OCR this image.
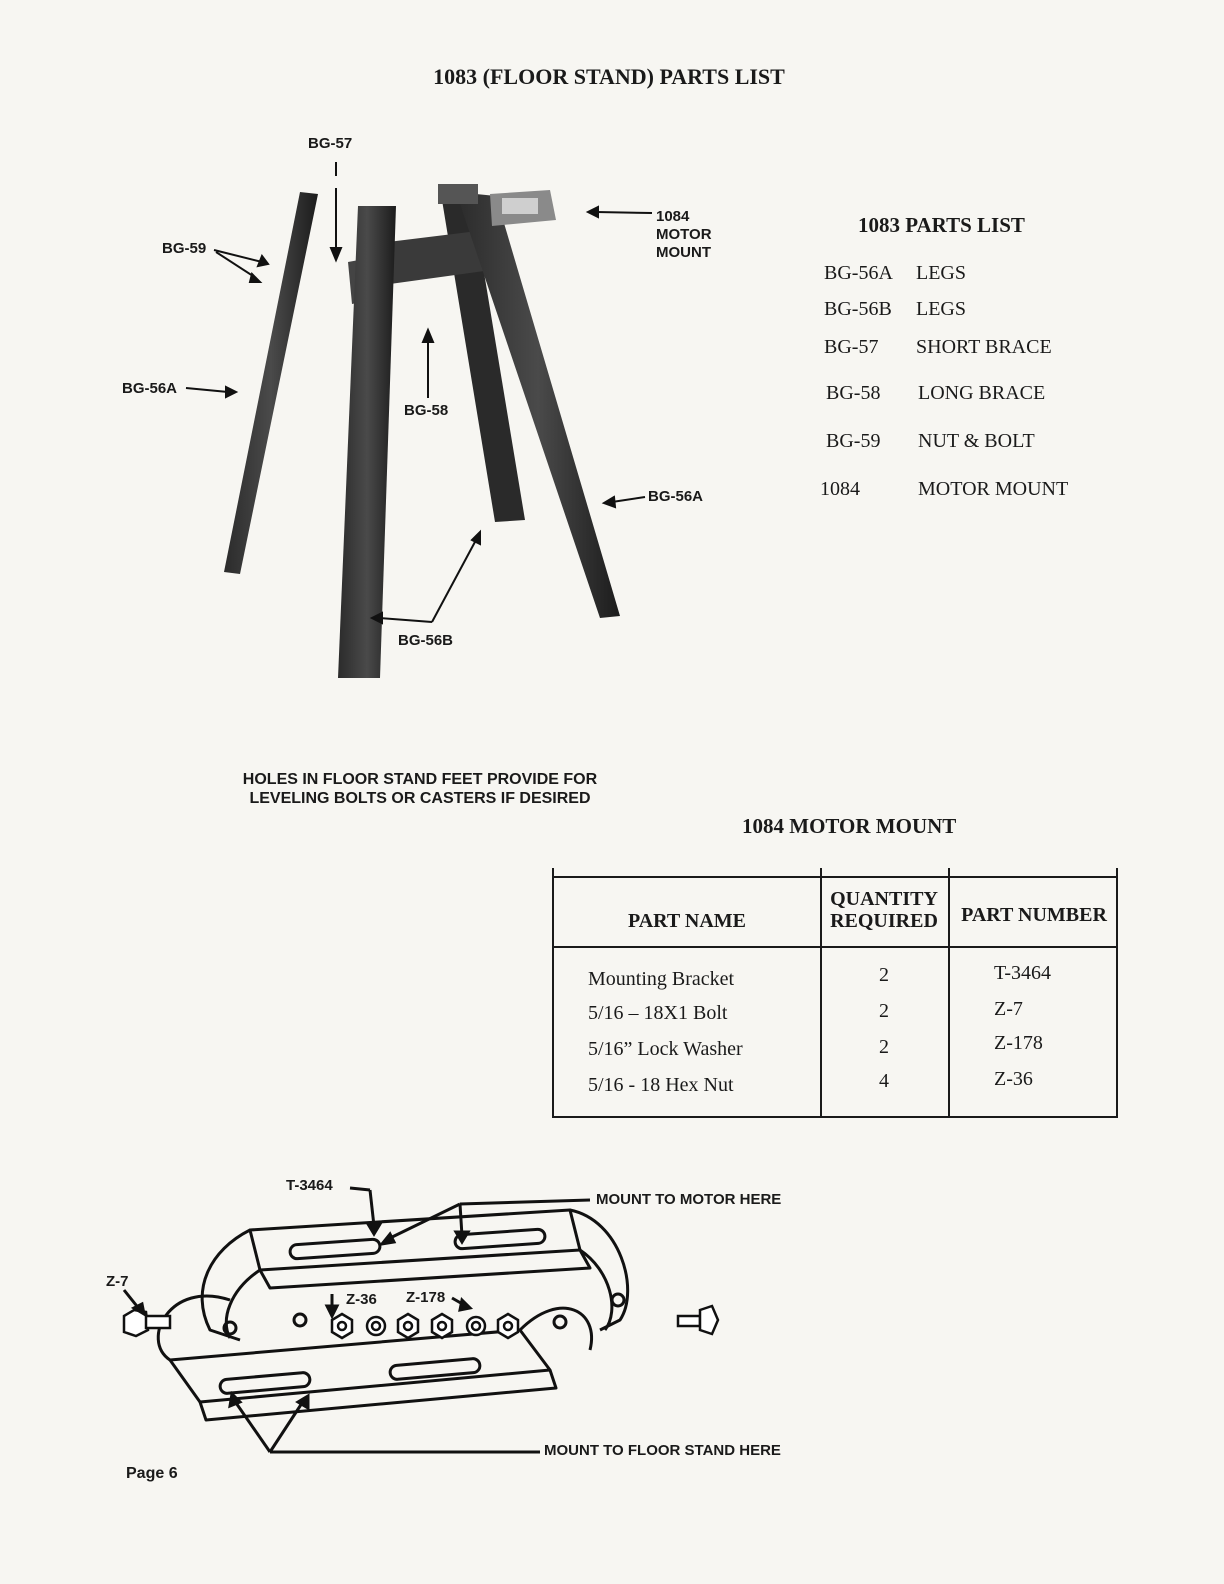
1083 (FLOOR STAND) PARTS LIST
BG-57
BG-59
BG-56A
BG-58
BG-56A
BG-56B
1084
MOTOR
MOUNT
1083 PARTS LIST
BG-56A LEGS
BG-56B LEGS
BG-57 SHORT BRACE
BG-58 LONG BRACE
BG-59 NUT & BOLT
1084	MOTOR MOUNT
HOLES IN FLOOR STAND FEET PROVIDE FOR
LEVELING BOLTS OR CASTERS IF DESIRED
1084 MOTOR MOUNT
PART NAME
QUANTITY
REQUIRED	PART NUMBER
Mounting Bracket	2	T-3464
5/16 – 18X1 Bolt	2	Z-7
5/16” Lock Washer	2	Z-178
5/16 - 18 Hex Nut	4	Z-36
T-3464
MOUNT TO MOTOR HERE
Z-7
Z-36 Z-178
MOUNT TO FLOOR STAND HERE
Page 6
